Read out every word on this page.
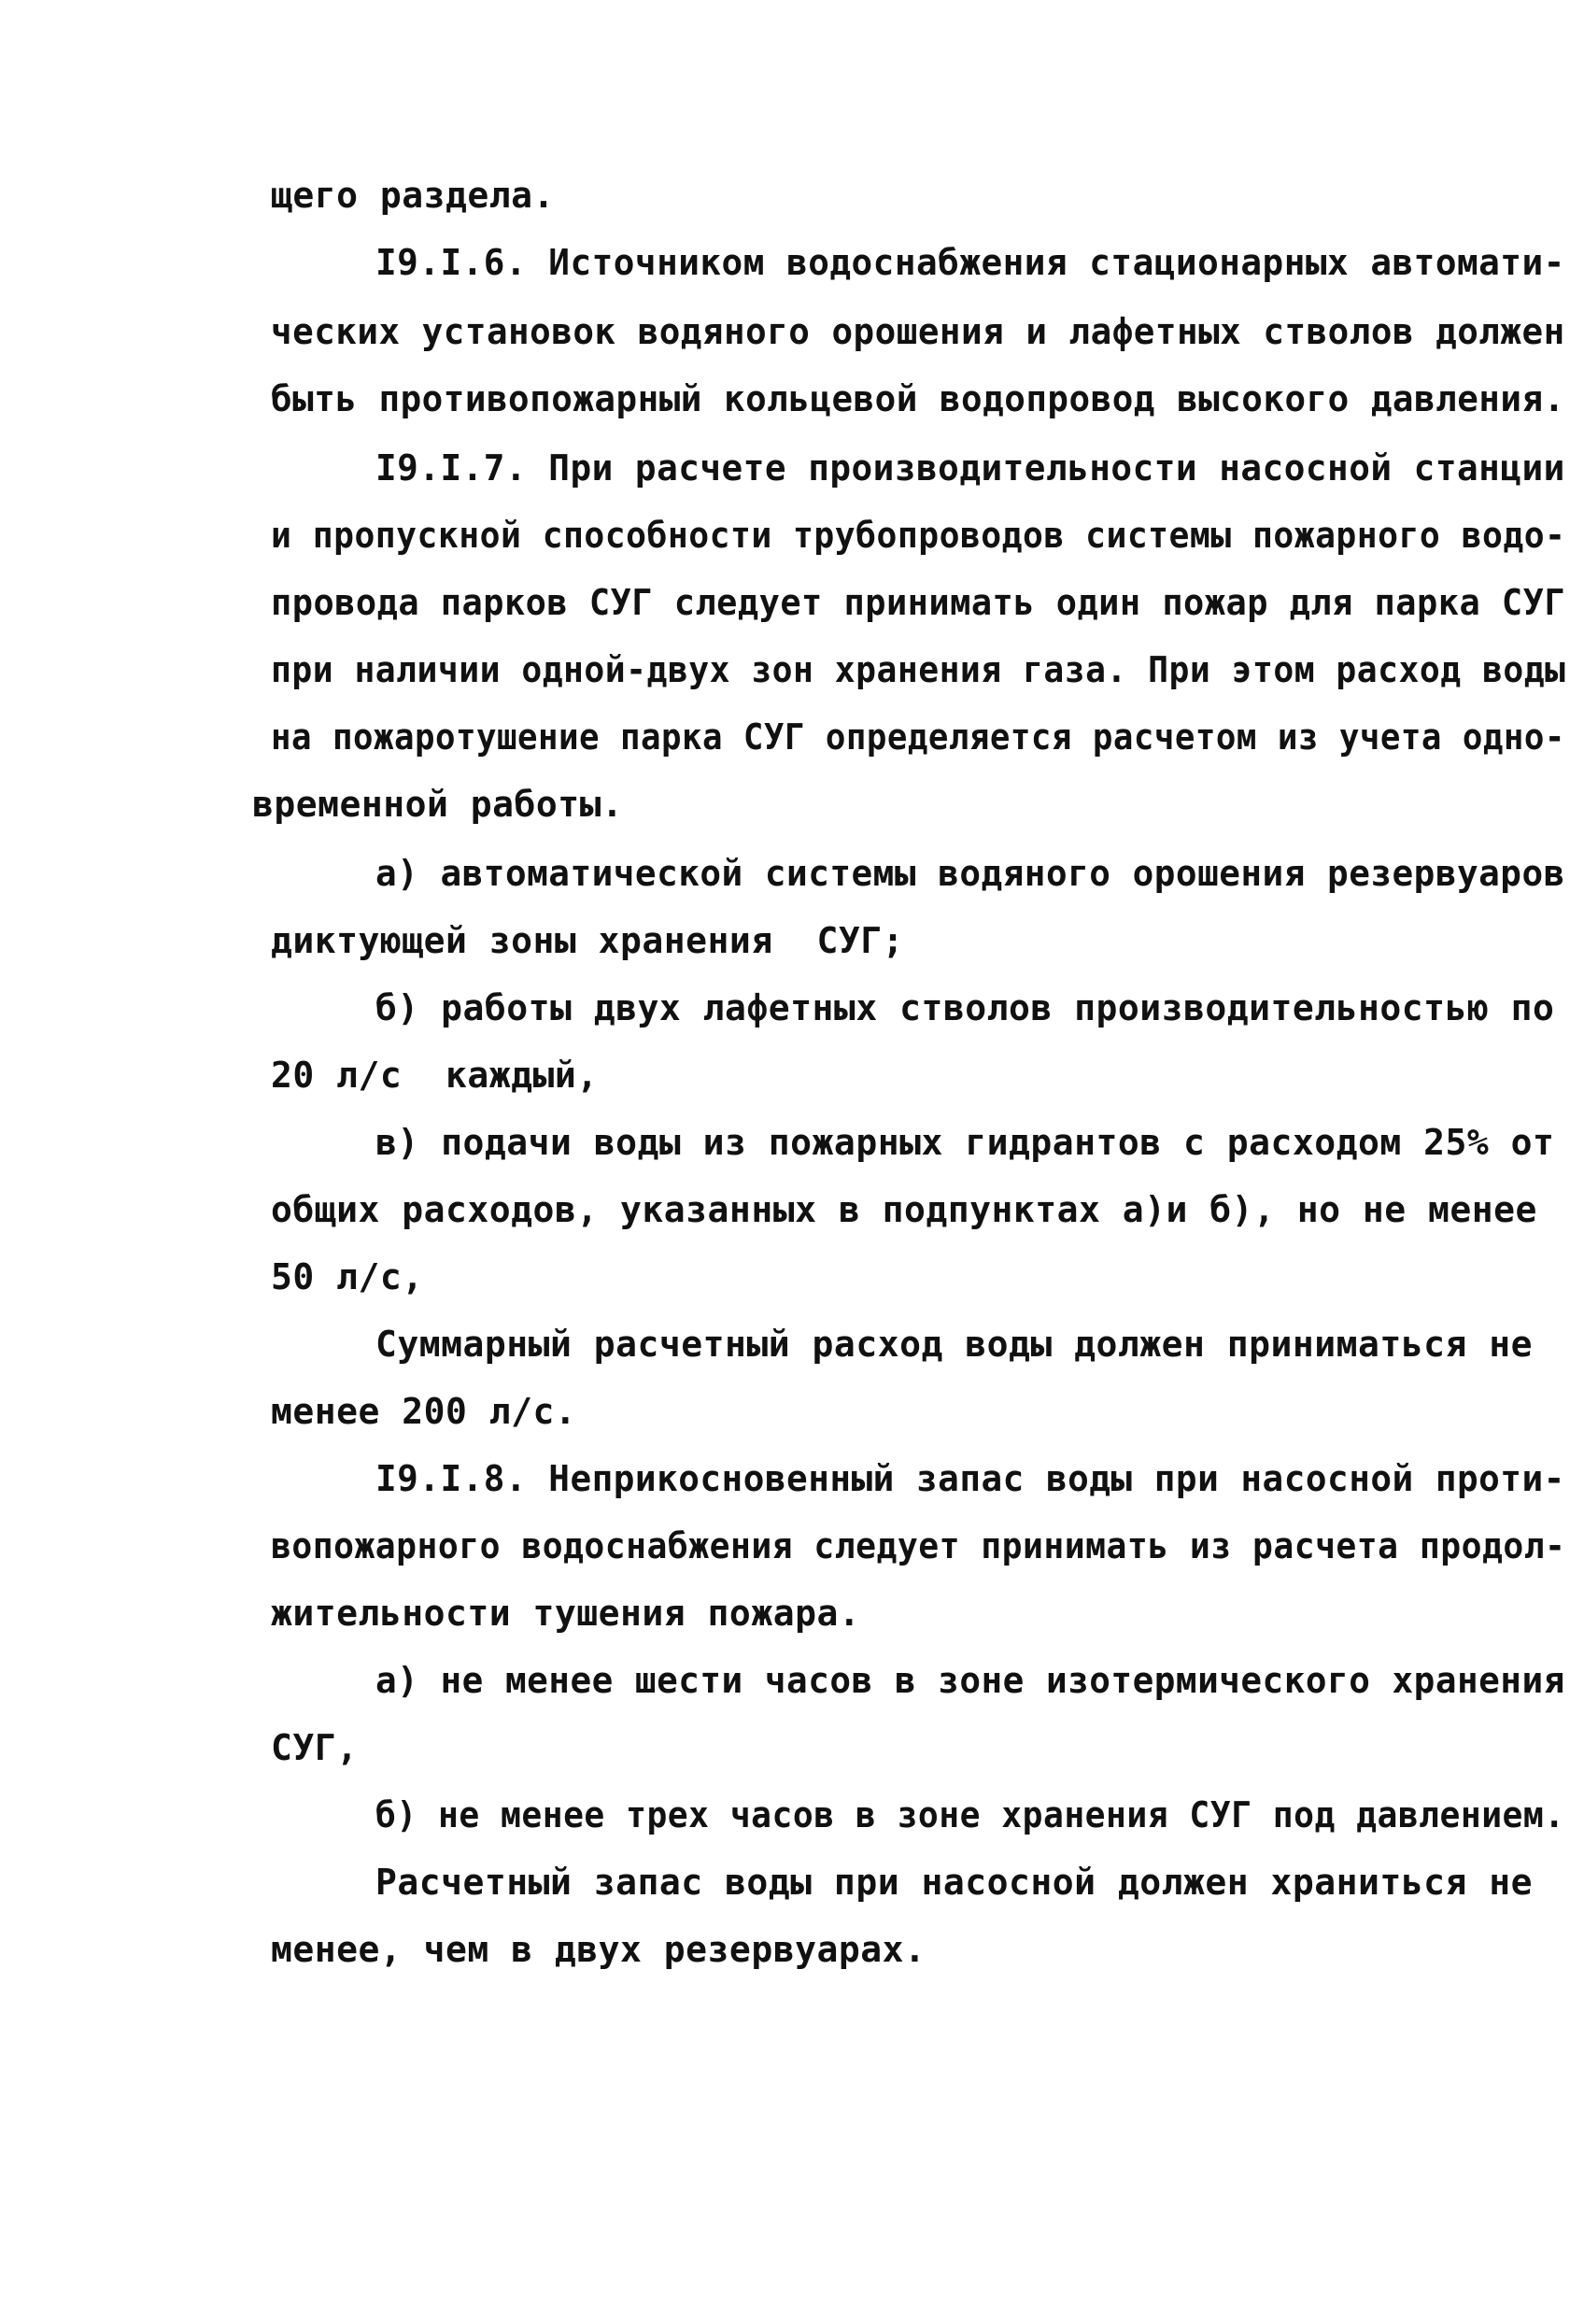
щего раздела.
I9.I.6. Источником водоснабжения стационарных автомати-
ческих установок водяного орошения и лафетных стволов должен
быть противопожарный кольцевой водопровод высокого давления.
I9.I.7. При расчете производительности насосной станции
и пропускной способности трубопроводов системы пожарного водо-
провода парков СУГ следует принимать один пожар для парка СУГ
при наличии одной-двух зон хранения газа. При этом расход воды
на пожаротушение парка СУГ определяется расчетом из учета одно-
временной работы.
а) автоматической системы водяного орошения резервуаров
диктующей зоны хранения  СУГ;
б) работы двух лафетных стволов производительностью по
20 л/с  каждый,
в) подачи воды из пожарных гидрантов с расходом 25% от
общих расходов, указанных в подпунктах а)и б), но не менее
50 л/с,
Суммарный расчетный расход воды должен приниматься не
менее 200 л/с.
I9.I.8. Неприкосновенный запас воды при насосной проти-
вопожарного водоснабжения следует принимать из расчета продол-
жительности тушения пожара.
а) не менее шести часов в зоне изотермического хранения
СУГ,
б) не менее трех часов в зоне хранения СУГ под давлением.
Расчетный запас воды при насосной должен храниться не
менее, чем в двух резервуарах.
